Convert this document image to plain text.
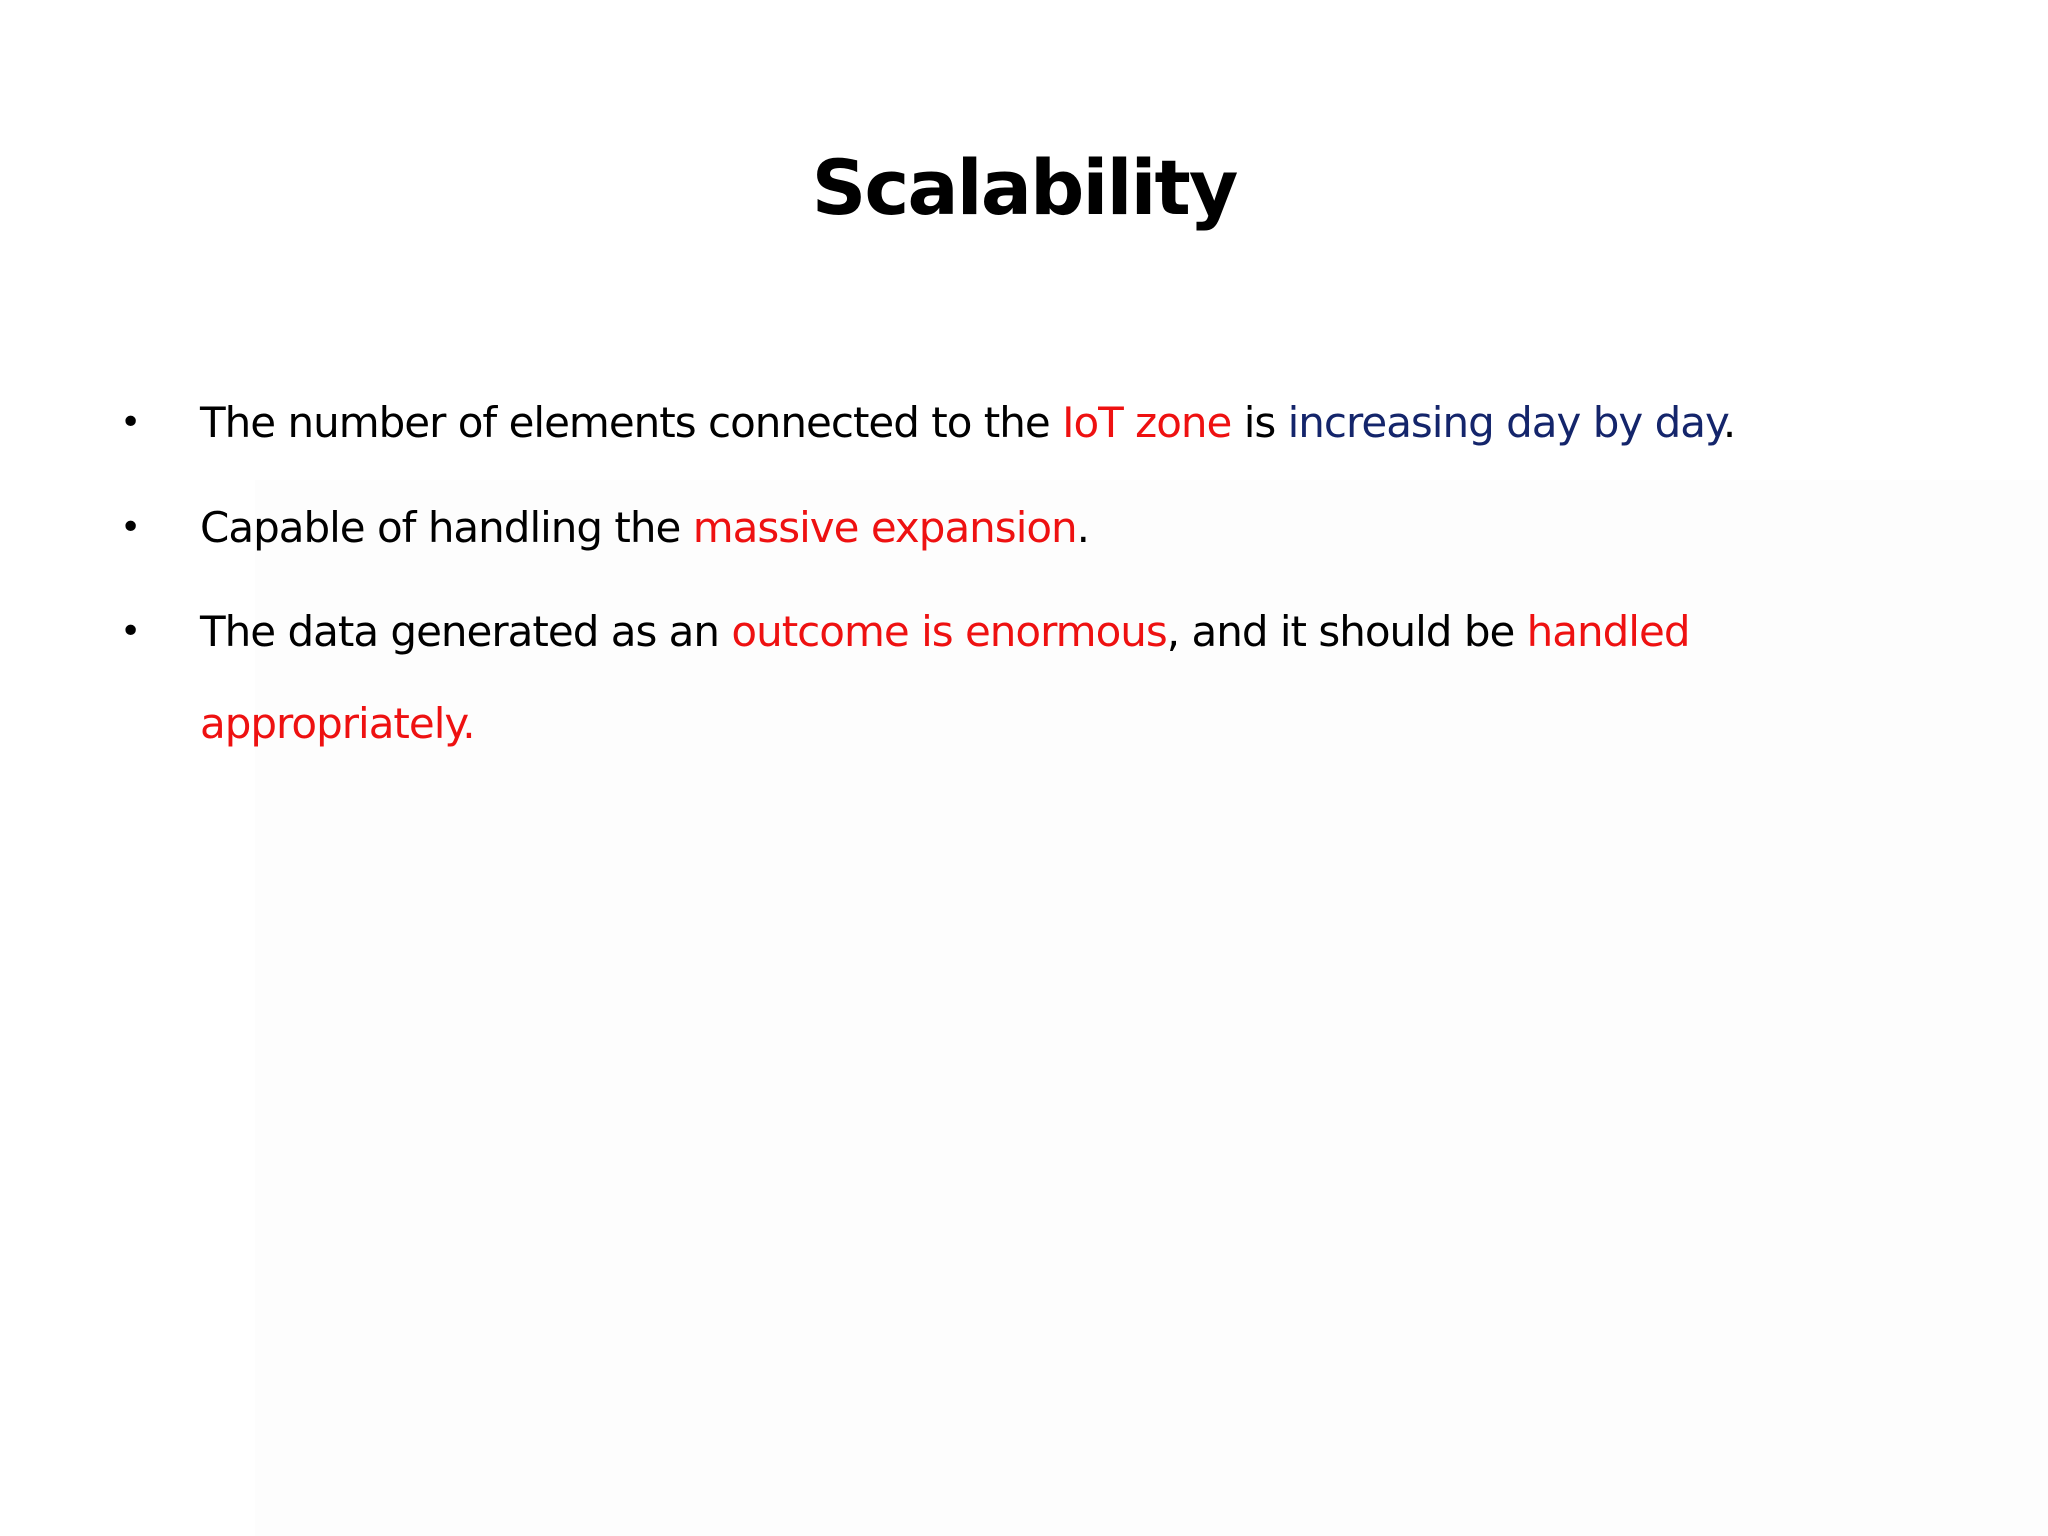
Scalability
•	The number of elements connected to the IoT zone is increasing day by day.
•	Capable of handling the massive expansion.
•	The data generated as an outcome is enormous, and it should be handled appropriately.
